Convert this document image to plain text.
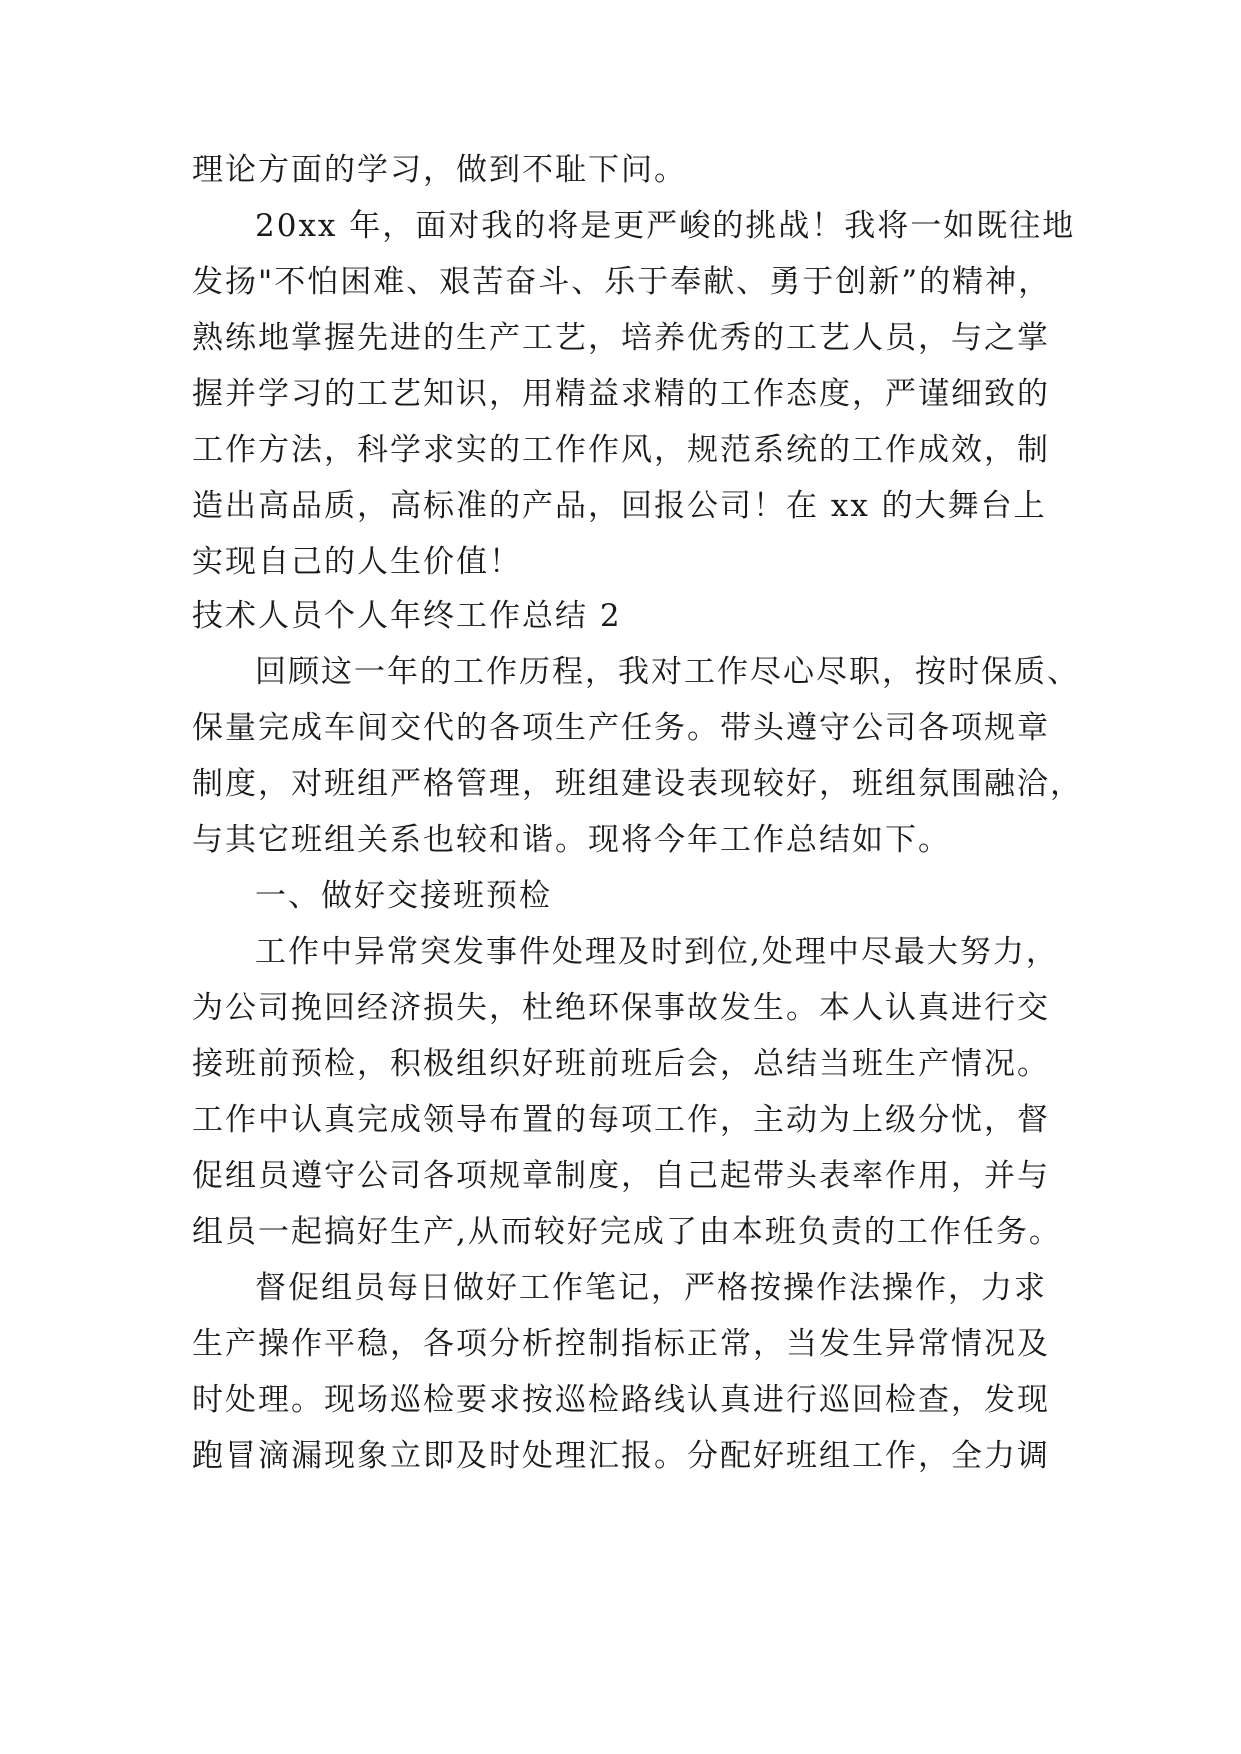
理论方面的学习，做到不耻下问。
20xx 年，面对我的将是更严峻的挑战！我将一如既往地
发扬"不怕困难、艰苦奋斗、乐于奉献、勇于创新”的精神，
熟练地掌握先进的生产工艺，培养优秀的工艺人员，与之掌
握并学习的工艺知识，用精益求精的工作态度，严谨细致的
工作方法，科学求实的工作作风，规范系统的工作成效，制
造出高品质，高标准的产品，回报公司！在 xx 的大舞台上
实现自己的人生价值！
技术人员个人年终工作总结 2
回顾这一年的工作历程，我对工作尽心尽职，按时保质、
保量完成车间交代的各项生产任务。带头遵守公司各项规章
制度，对班组严格管理，班组建设表现较好，班组氛围融洽，
与其它班组关系也较和谐。现将今年工作总结如下。
一、做好交接班预检
工作中异常突发事件处理及时到位,处理中尽最大努力，
为公司挽回经济损失，杜绝环保事故发生。本人认真进行交
接班前预检，积极组织好班前班后会，总结当班生产情况。
工作中认真完成领导布置的每项工作，主动为上级分忧，督
促组员遵守公司各项规章制度，自己起带头表率作用，并与
组员一起搞好生产,从而较好完成了由本班负责的工作任务。
督促组员每日做好工作笔记，严格按操作法操作，力求
生产操作平稳，各项分析控制指标正常，当发生异常情况及
时处理。现场巡检要求按巡检路线认真进行巡回检查，发现
跑冒滴漏现象立即及时处理汇报。分配好班组工作，全力调
